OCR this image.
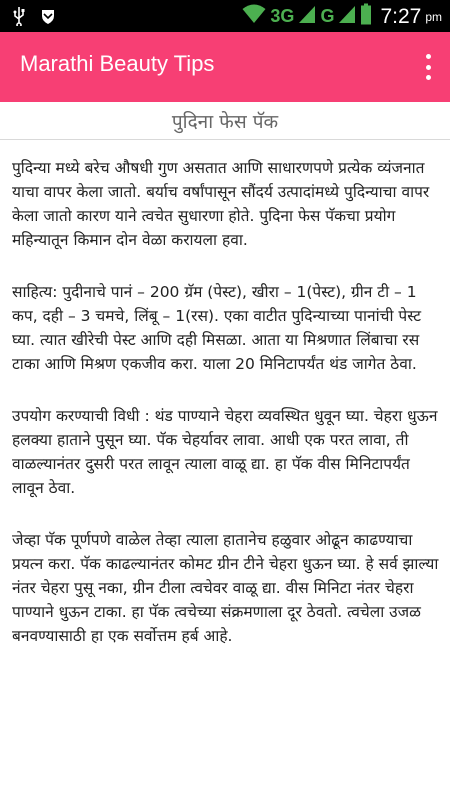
3G G 7:27 pm
Marathi Beauty Tips
पुदिना फेस पॅक

पुदिन्या मध्ये बरेच औषधी गुण असतात आणि साधारणपणे प्रत्येक व्यंजनात याचा वापर केला जातो. बर्याच वर्षांपासून सौंदर्य उत्पादांमध्ये पुदिन्याचा वापर केला जातो कारण याने त्वचेत सुधारणा होते. पुदिना फेस पॅकचा प्रयोग महिन्यातून किमान दोन वेळा करायला हवा.

साहित्य: पुदीनाचे पानं – 200 ग्रॅम (पेस्ट), खीरा – 1(पेस्ट), ग्रीन टी – 1 कप, दही – 3 चमचे, लिंबू – 1(रस). एका वाटीत पुदिन्याच्या पानांची पेस्ट घ्या. त्यात खीरेची पेस्ट आणि दही मिसळा. आता या मिश्रणात लिंबाचा रस टाका आणि मिश्रण एकजीव करा. याला 20 मिनिटापर्यंत थंड जागेत ठेवा.

उपयोग करण्याची विधी : थंड पाण्याने चेहरा व्यवस्थित धुवून घ्या. चेहरा धुऊन हलक्या हाताने पुसून घ्या. पॅक चेहर्यावर लावा. आधी एक परत लावा, ती वाळल्यानंतर दुसरी परत लावून त्याला वाळू द्या. हा पॅक वीस मिनिटापर्यंत लावून ठेवा.

जेव्हा पॅक पूर्णपणे वाळेल तेव्हा त्याला हातानेच हळुवार ओढून काढण्याचा प्रयत्न करा. पॅक काढल्यानंतर कोमट ग्रीन टीने चेहरा धुऊन घ्या. हे सर्व झाल्या नंतर चेहरा पुसू नका, ग्रीन टीला त्वचेवर वाळू द्या. वीस मिनिटा नंतर चेहरा पाण्याने धुऊन टाका. हा पॅक त्वचेच्या संक्रमणाला दूर ठेवतो. त्वचेला उजळ बनवण्यासाठी हा एक सर्वोत्तम हर्ब आहे.
